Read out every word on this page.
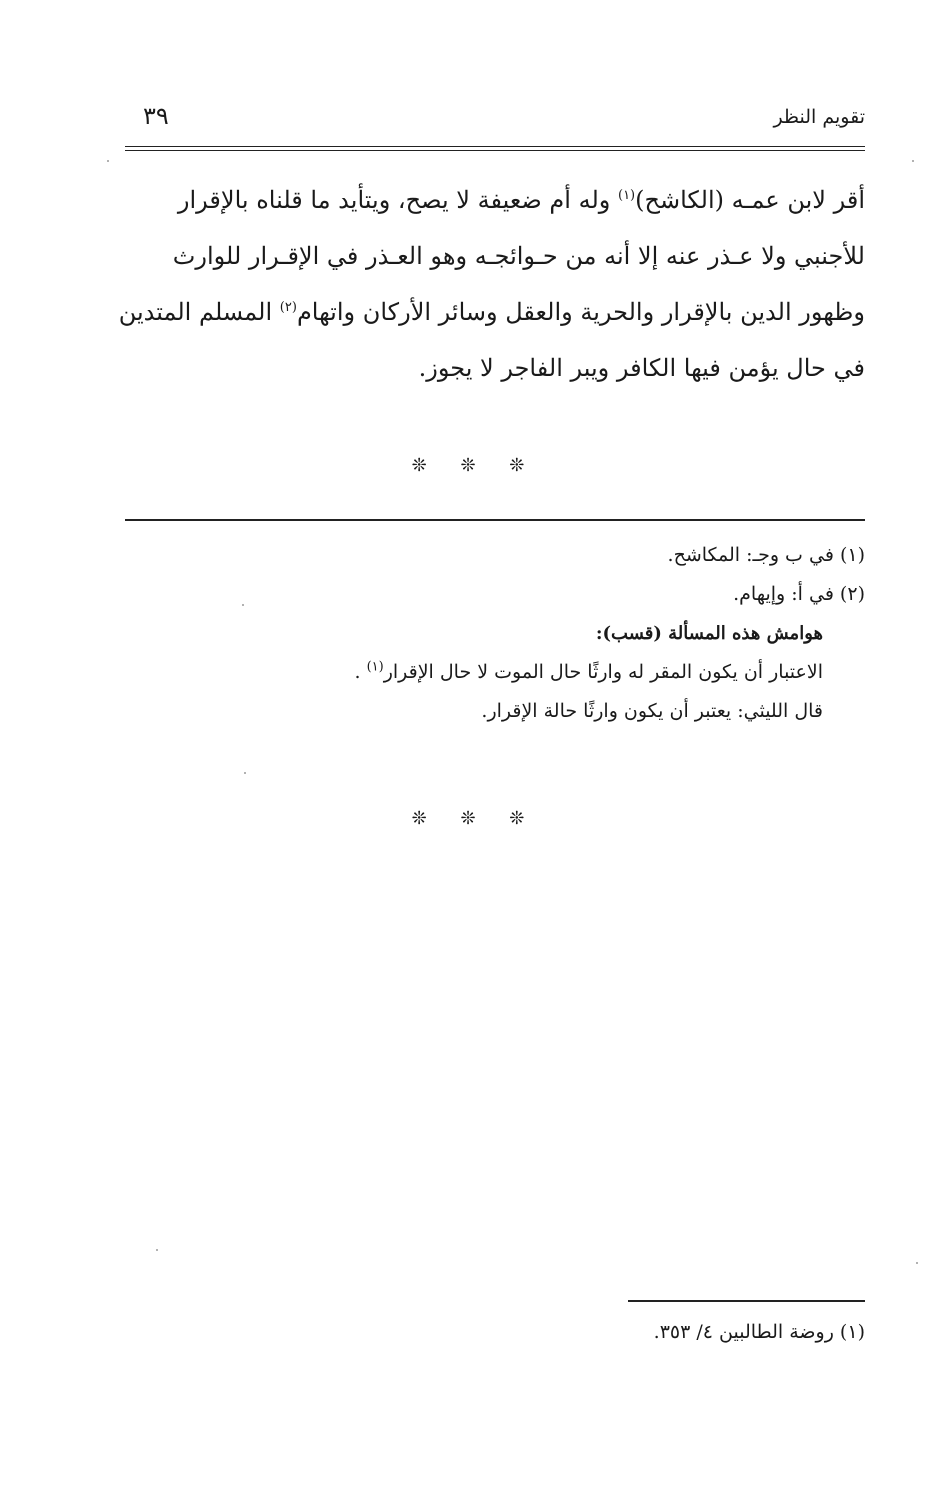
تقويم النظر
٣٩
أقر لابن عمـه (الكاشح)$^{(١)}$ وله أم ضعيفة لا يصح، ويتأيد ما قلناه بالإقرار
للأجنبي ولا عـذر عنه إلا أنه من حـوائجـه وهو العـذر في الإقـرار للوارث
وظهور الدين بالإقرار والحرية والعقل وسائر الأركان واتهام$^{(٢)}$ المسلم المتدين
في حال يؤمن فيها الكافر ويبر الفاجر لا يجوز.
❊ ❊ ❊
(١) في ب وجـ: المكاشح.
(٢) في أ: وإيهام.
هوامش هذه المسألة (قسب):
الاعتبار أن يكون المقر له وارثًا حال الموت لا حال الإقرار$^{(١)}$ .
قال الليثي: يعتبر أن يكون وارثًا حالة الإقرار.
❊ ❊ ❊
(١) روضة الطالبين ٤/ ٣٥٣.
